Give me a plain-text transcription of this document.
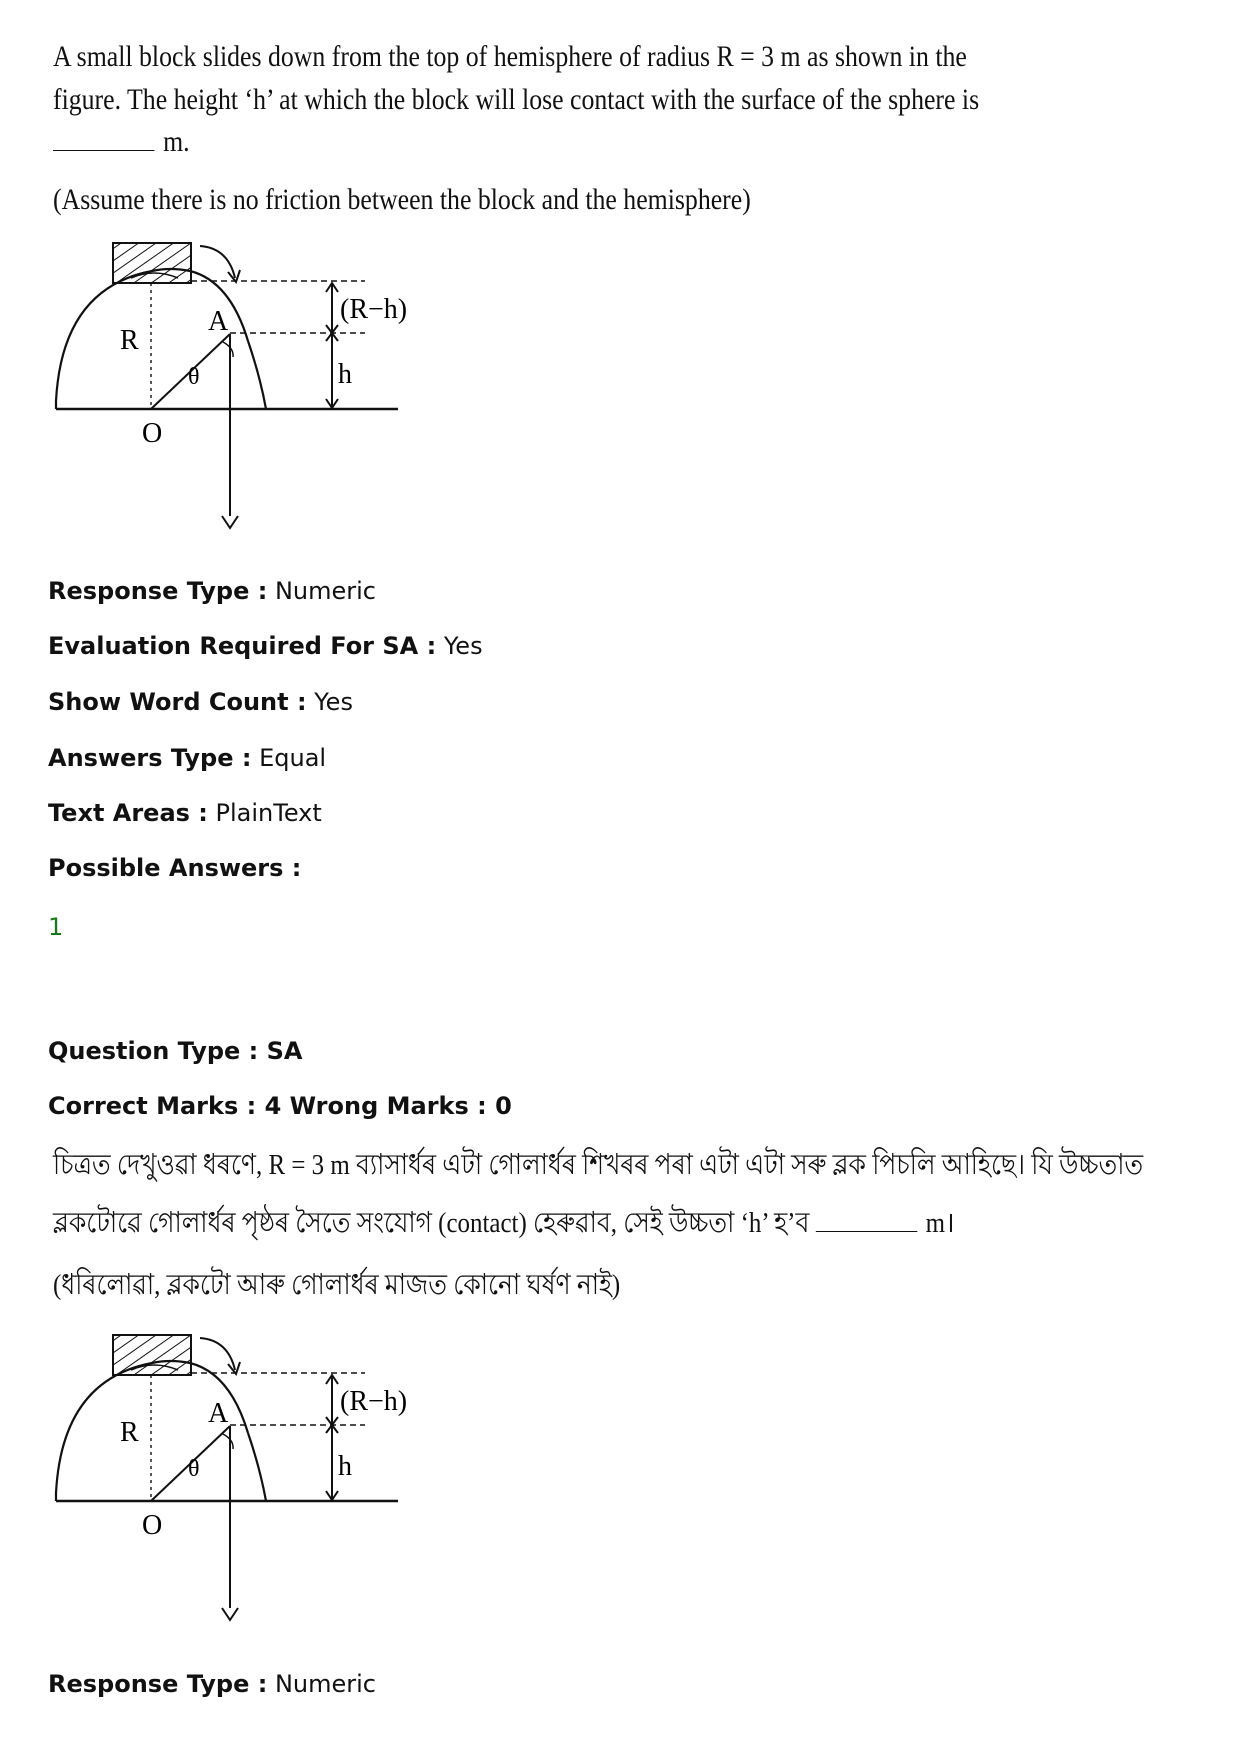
A small block slides down from the top of hemisphere of radius R = 3 m as shown in the
figure. The height ‘h’ at which the block will lose contact with the surface of the sphere is
m.
(Assume there is no friction between the block and the hemisphere)
R
A
O
θ
(R−h)
h
Response Type : Numeric
Evaluation Required For SA : Yes
Show Word Count : Yes
Answers Type : Equal
Text Areas : PlainText
Possible Answers :
1
Question Type : SA
Correct Marks : 4 Wrong Marks : 0
চিত্ৰত দেখুওৱা ধৰণে, R = 3 m ব্যাসাৰ্ধৰ এটা গোলাৰ্ধৰ শিখৰৰ পৰা এটা এটা সৰু ব্লক পিচলি আহিছে। যি উচ্চতাত
ব্লকটোৱে গোলাৰ্ধৰ পৃষ্ঠৰ সৈতে সংযোগ (contact) হেৰুৱাব, সেই উচ্চতা ‘h’ হ’ব	m।
(ধৰিলোৱা, ব্লকটো আৰু গোলাৰ্ধৰ মাজত কোনো ঘৰ্ষণ নাই)
R
A
O
θ
(R−h)
h
Response Type : Numeric
